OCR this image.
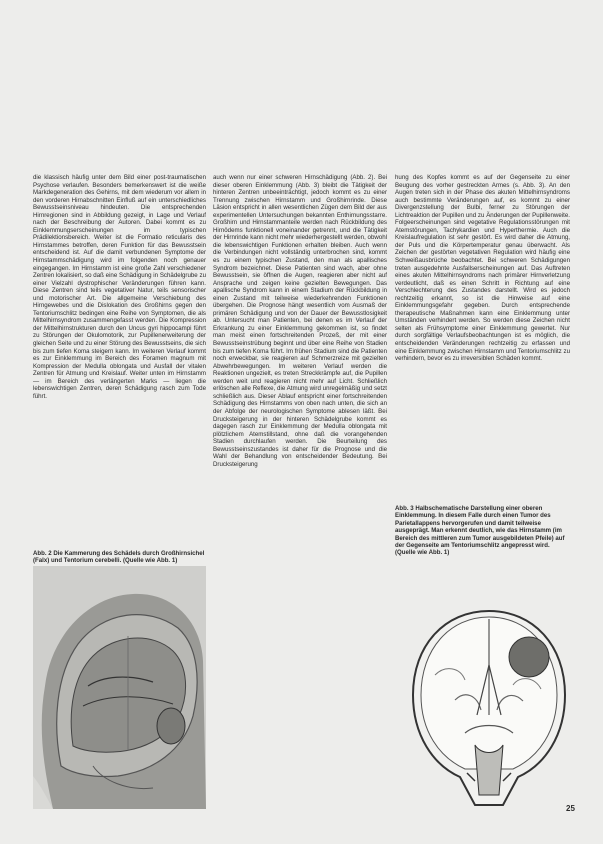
die klassisch häufig unter dem Bild einer post-traumatischen Psychose verlaufen. Besonders bemerkenswert ist die weiße Markdegeneration des Gehirns, mit dem wiederum vor allem in den vorderen Hirnabschnitten Einfluß auf ein unterschiedliches Bewusstseinsniveau hindeuten. Die entsprechenden Hirnregionen sind in Abbildung gezeigt, in Lage und Verlauf nach der Beschreibung der Autoren. Dabei kommt es zu Einklemmungserscheinungen im typischen Prädilektionsbereich. Weiter ist die Formatio reticularis des Hirnstammes betroffen, deren Funktion für das Bewusstsein entscheidend ist. Auf die damit verbundenen Symptome der Hirnstammschädigung wird im folgenden noch genauer eingegangen. Im Hirnstamm ist eine große Zahl verschiedener Zentren lokalisiert, so daß eine Schädigung in Schädelgrube zu einer Vielzahl dystrophischer Veränderungen führen kann. Diese Zentren sind teils vegetativer Natur, teils sensorischer und motorischer Art. Die allgemeine Verschiebung des Hirngewebes und die Dislokation des Großhirns gegen den Tentoriumschlitz bedingen eine Reihe von Symptomen, die als Mittelhirnsyndrom zusammengefasst werden. Die Kompression der Mittelhirnstrukturen durch den Uncus gyri hippocampi führt zu Störungen der Okulomotorik, zur Pupillenerweiterung der gleichen Seite und zu einer Störung des Bewusstseins, die sich bis zum tiefen Koma steigern kann. Im weiteren Verlauf kommt es zur Einklemmung im Bereich des Foramen magnum mit Kompression der Medulla oblongata und Ausfall der vitalen Zentren für Atmung und Kreislauf. Weiter unten im Hirnstamm — im Bereich des verlängerten Marks — liegen die lebenswichtigen Zentren, deren Schädigung rasch zum Tode führt.

auch wenn nur einer schweren Hirnschädigung (Abb. 2). Bei dieser oberen Einklemmung (Abb. 3) bleibt die Tätigkeit der hinteren Zentren unbeeinträchtigt, jedoch kommt es zu einer Trennung zwischen Hirnstamm und Großhirnrinde. Diese Läsion entspricht in allen wesentlichen Zügen dem Bild der aus experimentellen Untersuchungen bekannten Enthirnungsstarre. Großhirn und Hirnstammanteile werden nach Rückbildung des Hirnödems funktionell voneinander getrennt, und die Tätigkeit der Hirnrinde kann nicht mehr wiederhergestellt werden, obwohl die lebenswichtigen Funktionen erhalten bleiben. Auch wenn die Verbindungen nicht vollständig unterbrochen sind, kommt es zu einem typischen Zustand, den man als apallisches Syndrom bezeichnet. Diese Patienten sind wach, aber ohne Bewusstsein, sie öffnen die Augen, reagieren aber nicht auf Ansprache und zeigen keine gezielten Bewegungen. Das apallische Syndrom kann in einem Stadium der Rückbildung in einen Zustand mit teilweise wiederkehrenden Funktionen übergehen. Die Prognose hängt wesentlich vom Ausmaß der primären Schädigung und von der Dauer der Bewusstlosigkeit ab. Untersucht man Patienten, bei denen es im Verlauf der Erkrankung zu einer Einklemmung gekommen ist, so findet man meist einen fortschreitenden Prozeß, der mit einer Bewusstseinstrübung beginnt und über eine Reihe von Stadien bis zum tiefen Koma führt. Im frühen Stadium sind die Patienten noch erweckbar, sie reagieren auf Schmerzreize mit gezielten Abwehrbewegungen. Im weiteren Verlauf werden die Reaktionen ungezielt, es treten Streckkrämpfe auf, die Pupillen werden weit und reagieren nicht mehr auf Licht. Schließlich erlöschen alle Reflexe, die Atmung wird unregelmäßig und setzt schließlich aus. Dieser Ablauf entspricht einer fortschreitenden Schädigung des Hirnstamms von oben nach unten, die sich an der Abfolge der neurologischen Symptome ablesen läßt. Bei Drucksteigerung in der hinteren Schädelgrube kommt es dagegen rasch zur Einklemmung der Medulla oblongata mit plötzlichem Atemstillstand, ohne daß die vorangehenden Stadien durchlaufen werden. Die Beurteilung des Bewusstseinszustandes ist daher für die Prognose und die Wahl der Behandlung von entscheidender Bedeutung. Bei Drucksteigerung

hung des Kopfes kommt es auf der Gegenseite zu einer Beugung des vorher gestreckten Armes (s. Abb. 3). An den Augen treten sich in der Phase des akuten Mittelhirnsyndroms auch bestimmte Veränderungen auf, es kommt zu einer Divergenzstellung der Bulbi, ferner zu Störungen der Lichtreaktion der Pupillen und zu Änderungen der Pupillenweite. Folgeerscheinungen sind vegetative Regulationsstörungen mit Atemstörungen, Tachykardien und Hyperthermie. Auch die Kreislaufregulation ist sehr gestört. Es wird daher die Atmung, der Puls und die Körpertemperatur genau überwacht. Als Zeichen der gestörten vegetativen Regulation wird häufig eine Schweißausbrüche beobachtet. Bei schweren Schädigungen treten ausgedehnte Ausfallserscheinungen auf. Das Auftreten eines akuten Mittelhirnsyndroms nach primärer Hirnverletzung verdeutlicht, daß es einen Schritt in Richtung auf eine Verschlechterung des Zustandes darstellt. Wird es jedoch rechtzeitig erkannt, so ist die Hinweise auf eine Einklemmungsgefahr gegeben. Durch entsprechende therapeutische Maßnahmen kann eine Einklemmung unter Umständen verhindert werden. So werden diese Zeichen nicht selten als Frühsymptome einer Einklemmung gewertet. Nur durch sorgfältige Verlaufsbeobachtungen ist es möglich, die entscheidenden Veränderungen rechtzeitig zu erfassen und eine Einklemmung zwischen Hirnstamm und Tentoriumschlitz zu verhindern, bevor es zu irreversiblen Schäden kommt.

Abb. 2 Die Kammerung des Schädels durch Großhirnsichel (Falx) und Tentorium cerebelli. (Quelle wie Abb. 1)
Abb. 3 Halbschematische Darstellung einer oberen Einklemmung. In diesem Falle durch einen Tumor des Parietallappens hervorgerufen und damit teilweise ausgeprägt. Man erkennt deutlich, wie das Hirnstamm (im Bereich des mittleren zum Tumor ausgebildeten Pfeile) auf der Gegenseite am Tentoriumschlitz angepresst wird. (Quelle wie Abb. 1)
25
